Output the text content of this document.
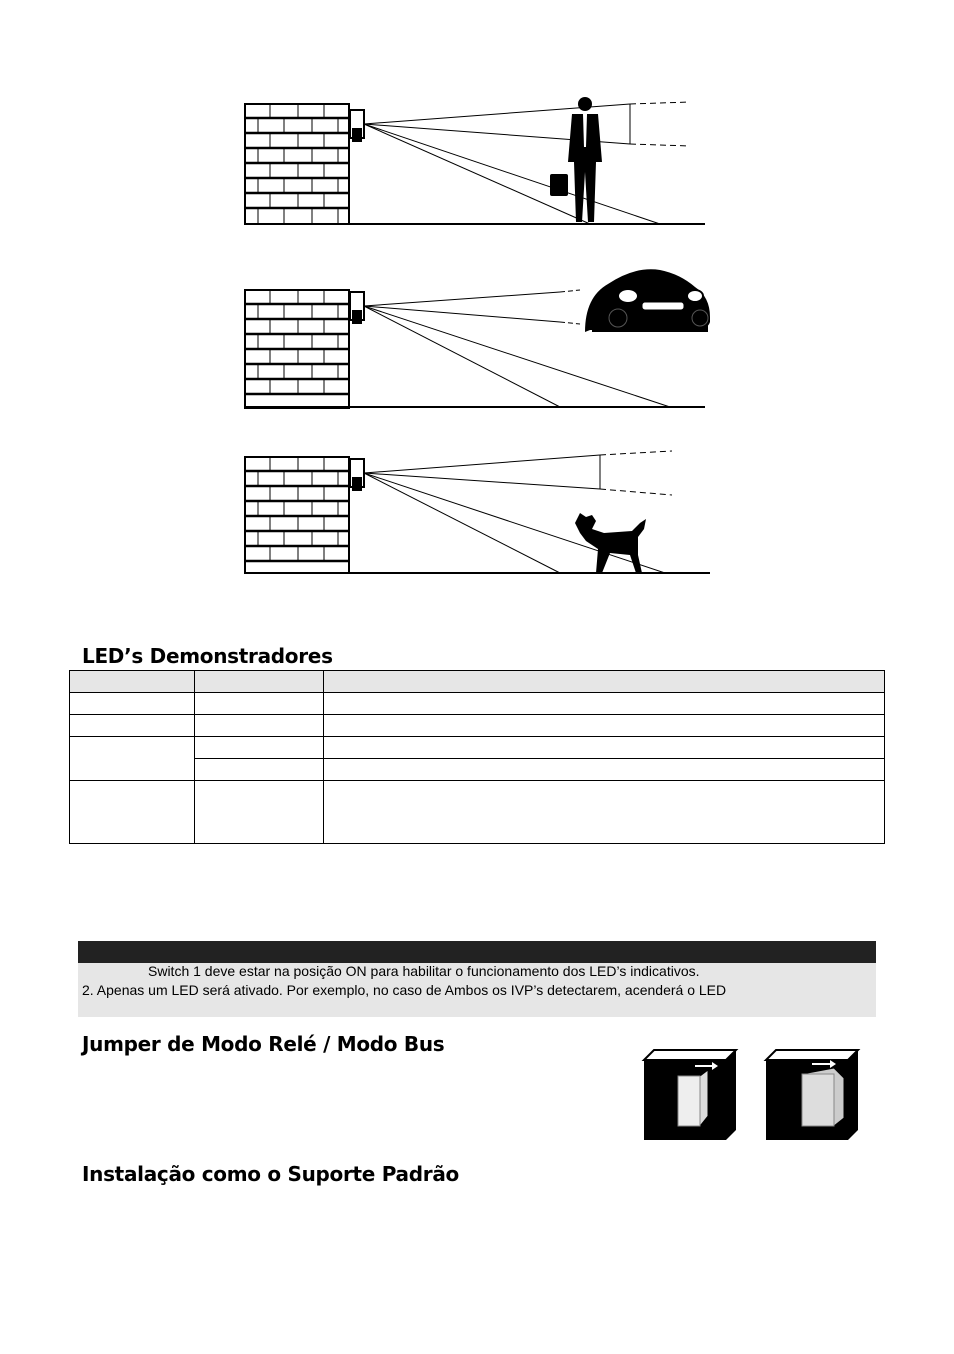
LED’s Demonstradores

Switch 1 deve estar na posição ON para habilitar o funcionamento dos LED’s indicativos.
2. Apenas um LED será ativado. Por exemplo, no caso de Ambos os IVP’s detectarem, acenderá o LED
Jumper de Modo Relé / Modo Bus
Instalação como o Suporte Padrão
